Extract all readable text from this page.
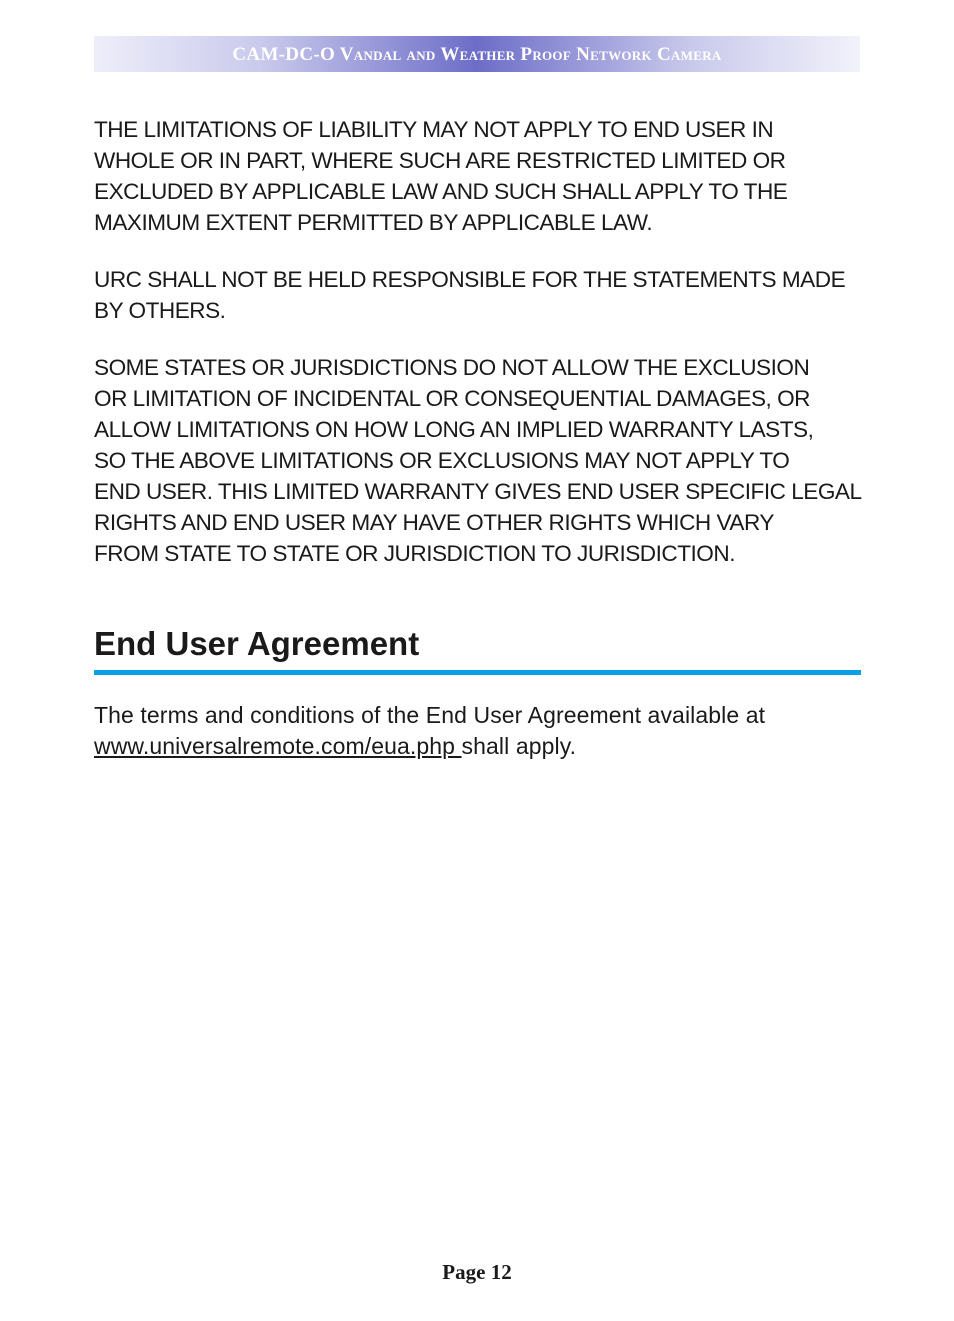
CAM-DC-O Vandal and Weather Proof Network Camera

THE LIMITATIONS OF LIABILITY MAY NOT APPLY TO END USER IN
WHOLE OR IN PART, WHERE SUCH ARE RESTRICTED LIMITED OR
EXCLUDED BY APPLICABLE LAW AND SUCH SHALL APPLY TO THE
MAXIMUM EXTENT PERMITTED BY APPLICABLE LAW.

URC SHALL NOT BE HELD RESPONSIBLE FOR THE STATEMENTS MADE
BY OTHERS.

SOME STATES OR JURISDICTIONS DO NOT ALLOW THE EXCLUSION
OR LIMITATION OF INCIDENTAL OR CONSEQUENTIAL DAMAGES, OR
ALLOW LIMITATIONS ON HOW LONG AN IMPLIED WARRANTY LASTS,
SO THE ABOVE LIMITATIONS OR EXCLUSIONS MAY NOT APPLY TO
END USER. THIS LIMITED WARRANTY GIVES END USER SPECIFIC LEGAL
RIGHTS AND END USER MAY HAVE OTHER RIGHTS WHICH VARY
FROM STATE TO STATE OR JURISDICTION TO JURISDICTION.

End User Agreement
The terms and conditions of the End User Agreement available at
www.universalremote.com/eua.php shall apply.
Page 12
